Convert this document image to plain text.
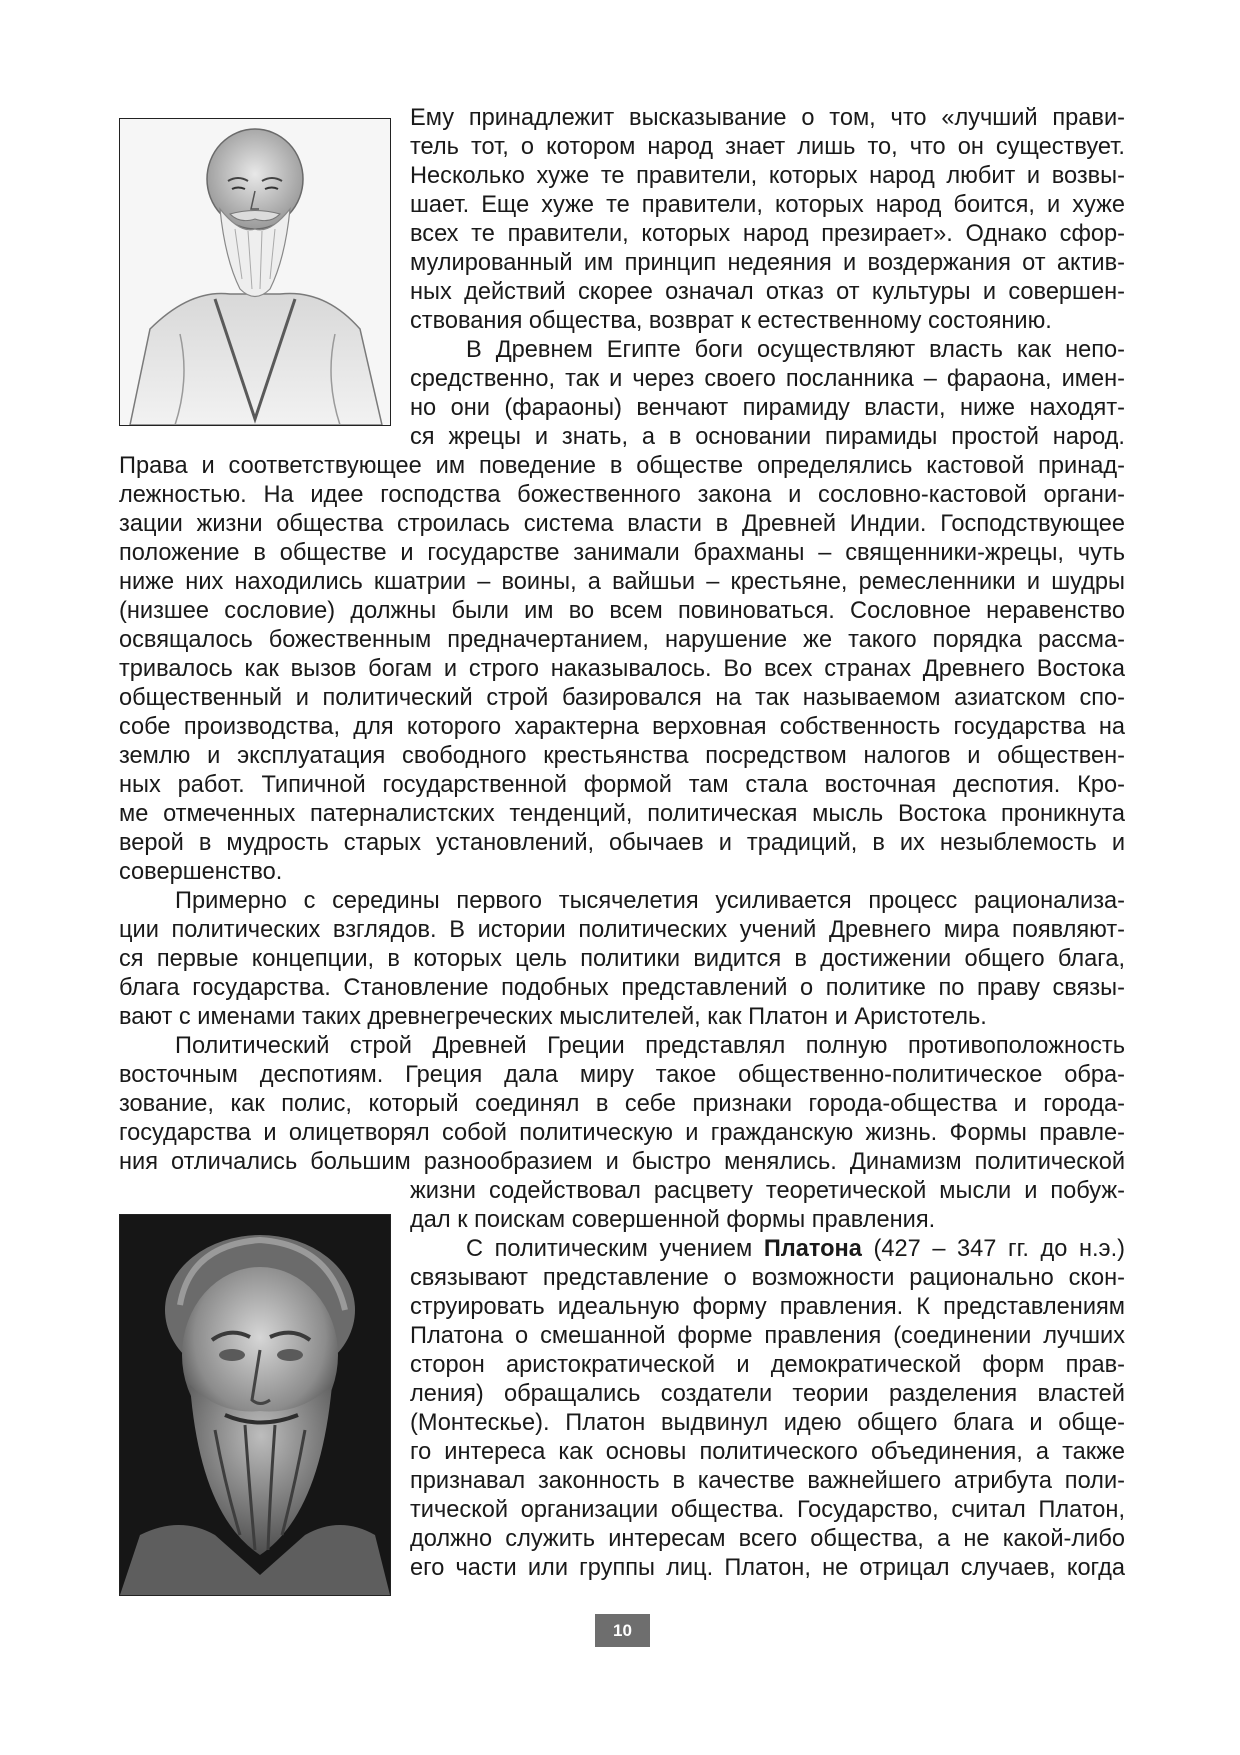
Ему принадлежит высказывание о том, что «лучший прави-
тель тот, о котором народ знает лишь то, что он существует.
Несколько хуже те правители, которых народ любит и возвы-
шает. Еще хуже те правители, которых народ боится, и хуже
всех те правители, которых народ презирает». Однако сфор-
мулированный им принцип недеяния и воздержания от актив-
ных действий скорее означал отказ от культуры и совершен-
ствования общества, возврат к естественному состоянию.
В Древнем Египте боги осуществляют власть как непо-
средственно, так и через своего посланника – фараона, имен-
но они (фараоны) венчают пирамиду власти, ниже находят-
ся жрецы и знать, а в основании пирамиды простой народ.
Права и соответствующее им поведение в обществе определялись кастовой принад-
лежностью. На идее господства божественного закона и сословно-кастовой органи-
зации жизни общества строилась система власти в Древней Индии. Господствующее
положение в обществе и государстве занимали брахманы – священники-жрецы, чуть
ниже них находились кшатрии – воины, а вайшьи – крестьяне, ремесленники и шудры
(низшее сословие) должны были им во всем повиноваться. Сословное неравенство
освящалось божественным предначертанием, нарушение же такого порядка рассма-
тривалось как вызов богам и строго наказывалось. Во всех странах Древнего Востока
общественный и политический строй базировался на так называемом азиатском спо-
собе производства, для которого характерна верховная собственность государства на
землю и эксплуатация свободного крестьянства посредством налогов и обществен-
ных работ. Типичной государственной формой там стала восточная деспотия. Кро-
ме отмеченных патерналистских тенденций, политическая мысль Востока проникнута
верой в мудрость старых установлений, обычаев и традиций, в их незыблемость и
совершенство.
Примерно с середины первого тысячелетия усиливается процесс рационализа-
ции политических взглядов. В истории политических учений Древнего мира появляют-
ся первые концепции, в которых цель политики видится в достижении общего блага,
блага государства. Становление подобных представлений о политике по праву связы-
вают с именами таких древнегреческих мыслителей, как Платон и Аристотель.
Политический строй Древней Греции представлял полную противоположность
восточным деспотиям. Греция дала миру такое общественно-политическое обра-
зование, как полис, который соединял в себе признаки города-общества и города-
государства и олицетворял собой политическую и гражданскую жизнь. Формы правле-
ния отличались большим разнообразием и быстро менялись. Динамизм политической
жизни содействовал расцвету теоретической мысли и побуж-
дал к поискам совершенной формы правления.
С политическим учением Платона (427 – 347 гг. до н.э.)
связывают представление о возможности рационально скон-
струировать идеальную форму правления. К представлениям
Платона о смешанной форме правления (соединении лучших
сторон аристократической и демократической форм прав-
ления) обращались создатели теории разделения властей
(Монтескье). Платон выдвинул идею общего блага и обще-
го интереса как основы политического объединения, а также
признавал законность в качестве важнейшего атрибута поли-
тической организации общества. Государство, считал Платон,
должно служить интересам всего общества, а не какой-либо
его части или группы лиц. Платон, не отрицал случаев, когда
10
